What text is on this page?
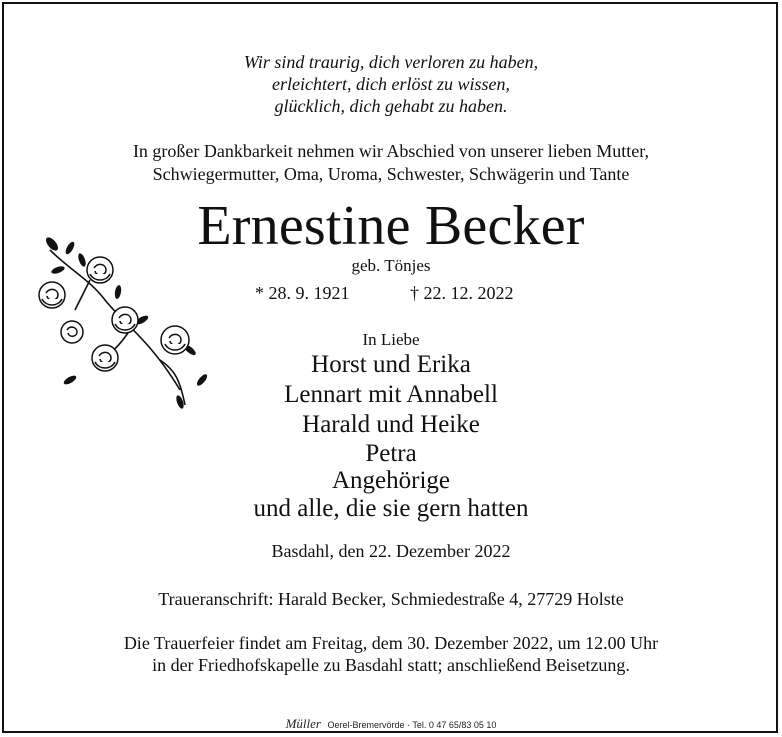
Wir sind traurig, dich verloren zu haben,
erleichtert, dich erlöst zu wissen,
glücklich, dich gehabt zu haben.
In großer Dankbarkeit nehmen wir Abschied von unserer lieben Mutter,
Schwiegermutter, Oma, Uroma, Schwester, Schwägerin und Tante
Ernestine Becker
geb. Tönjes
* 28. 9. 1921	† 22. 12. 2022
In Liebe
Horst und Erika
Lennart mit Annabell
Harald und Heike
Petra
Angehörige
und alle, die sie gern hatten
Basdahl, den 22. Dezember 2022
Traueranschrift: Harald Becker, Schmiedestraße 4, 27729 Holste
Die Trauerfeier findet am Freitag, dem 30. Dezember 2022, um 12.00 Uhr
in der Friedhofskapelle zu Basdahl statt; anschließend Beisetzung.
Müller Oerel-Bremervörde · Tel. 0 47 65/83 05 10
